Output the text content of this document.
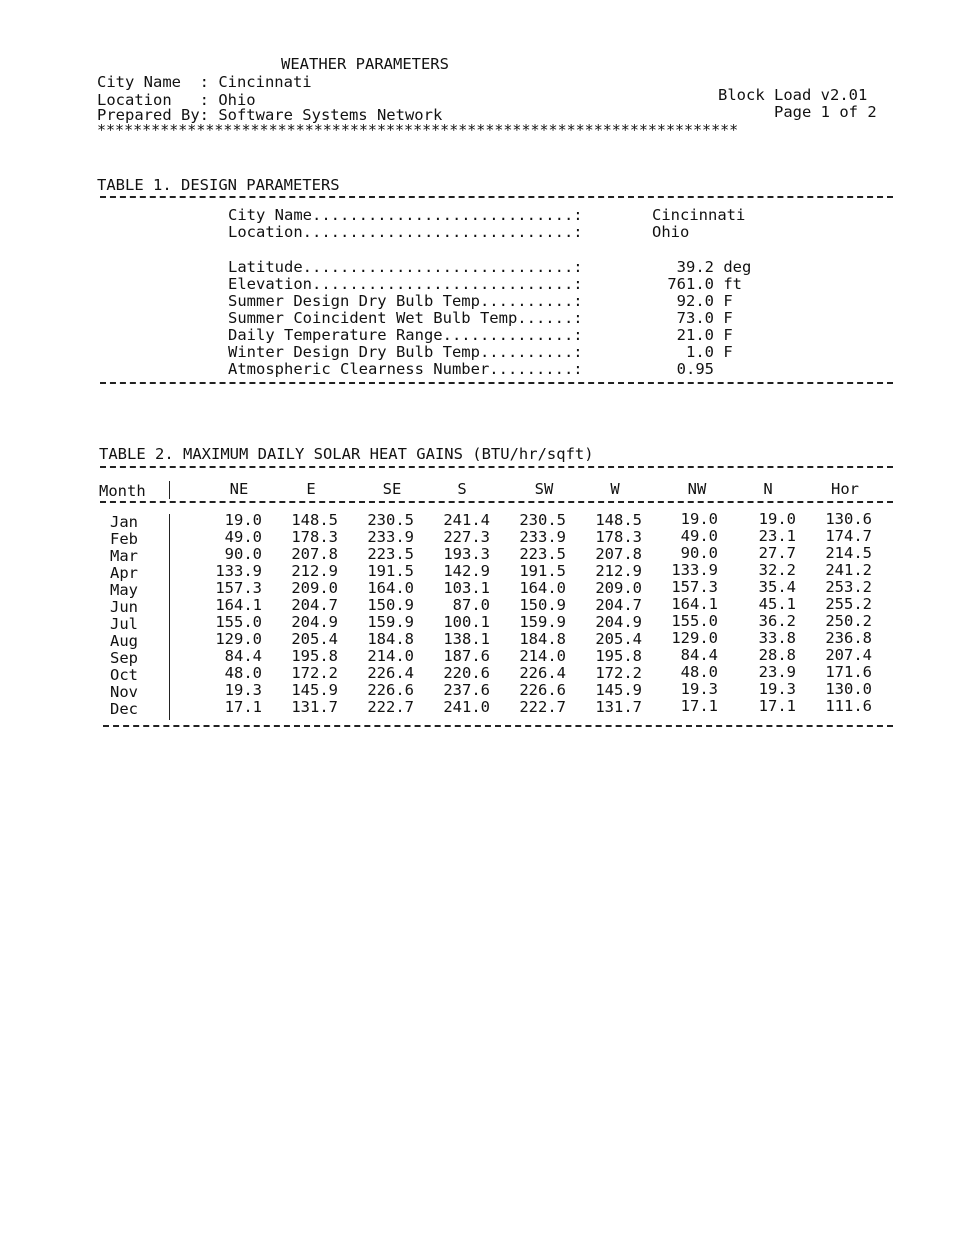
WEATHER PARAMETERS
City Name  : Cincinnati
Location   : Ohio
Prepared By: Software Systems Network
Block Load v2.01
Page 1 of 2
***********************************************************************
TABLE 1. DESIGN PARAMETERS
City Name............................:	Cincinnati
Location.............................:	Ohio
Latitude.............................:	39.2 deg
Elevation............................:	761.0 ft
Summer Design Dry Bulb Temp..........:	92.0 F
Summer Coincident Wet Bulb Temp......:	73.0 F
Daily Temperature Range..............:	21.0 F
Winter Design Dry Bulb Temp..........:	1.0 F
Atmospheric Clearness Number.........:	0.95
TABLE 2. MAXIMUM DAILY SOLAR HEAT GAINS (BTU/hr/sqft)
Month	NE	E	SE	S	SW	W	NW	N	Hor
Jan	19.0	148.5	230.5	241.4	230.5	148.5	19.0	19.0	130.6
Feb	49.0	178.3	233.9	227.3	233.9	178.3	49.0	23.1	174.7
Mar	90.0	207.8	223.5	193.3	223.5	207.8	90.0	27.7	214.5
Apr	133.9	212.9	191.5	142.9	191.5	212.9	133.9	32.2	241.2
May	157.3	209.0	164.0	103.1	164.0	209.0	157.3	35.4	253.2
Jun	164.1	204.7	150.9	87.0	150.9	204.7	164.1	45.1	255.2
Jul	155.0	204.9	159.9	100.1	159.9	204.9	155.0	36.2	250.2
Aug	129.0	205.4	184.8	138.1	184.8	205.4	129.0	33.8	236.8
Sep	84.4	195.8	214.0	187.6	214.0	195.8	84.4	28.8	207.4
Oct	48.0	172.2	226.4	220.6	226.4	172.2	48.0	23.9	171.6
Nov	19.3	145.9	226.6	237.6	226.6	145.9	19.3	19.3	130.0
Dec	17.1	131.7	222.7	241.0	222.7	131.7	17.1	17.1	111.6
